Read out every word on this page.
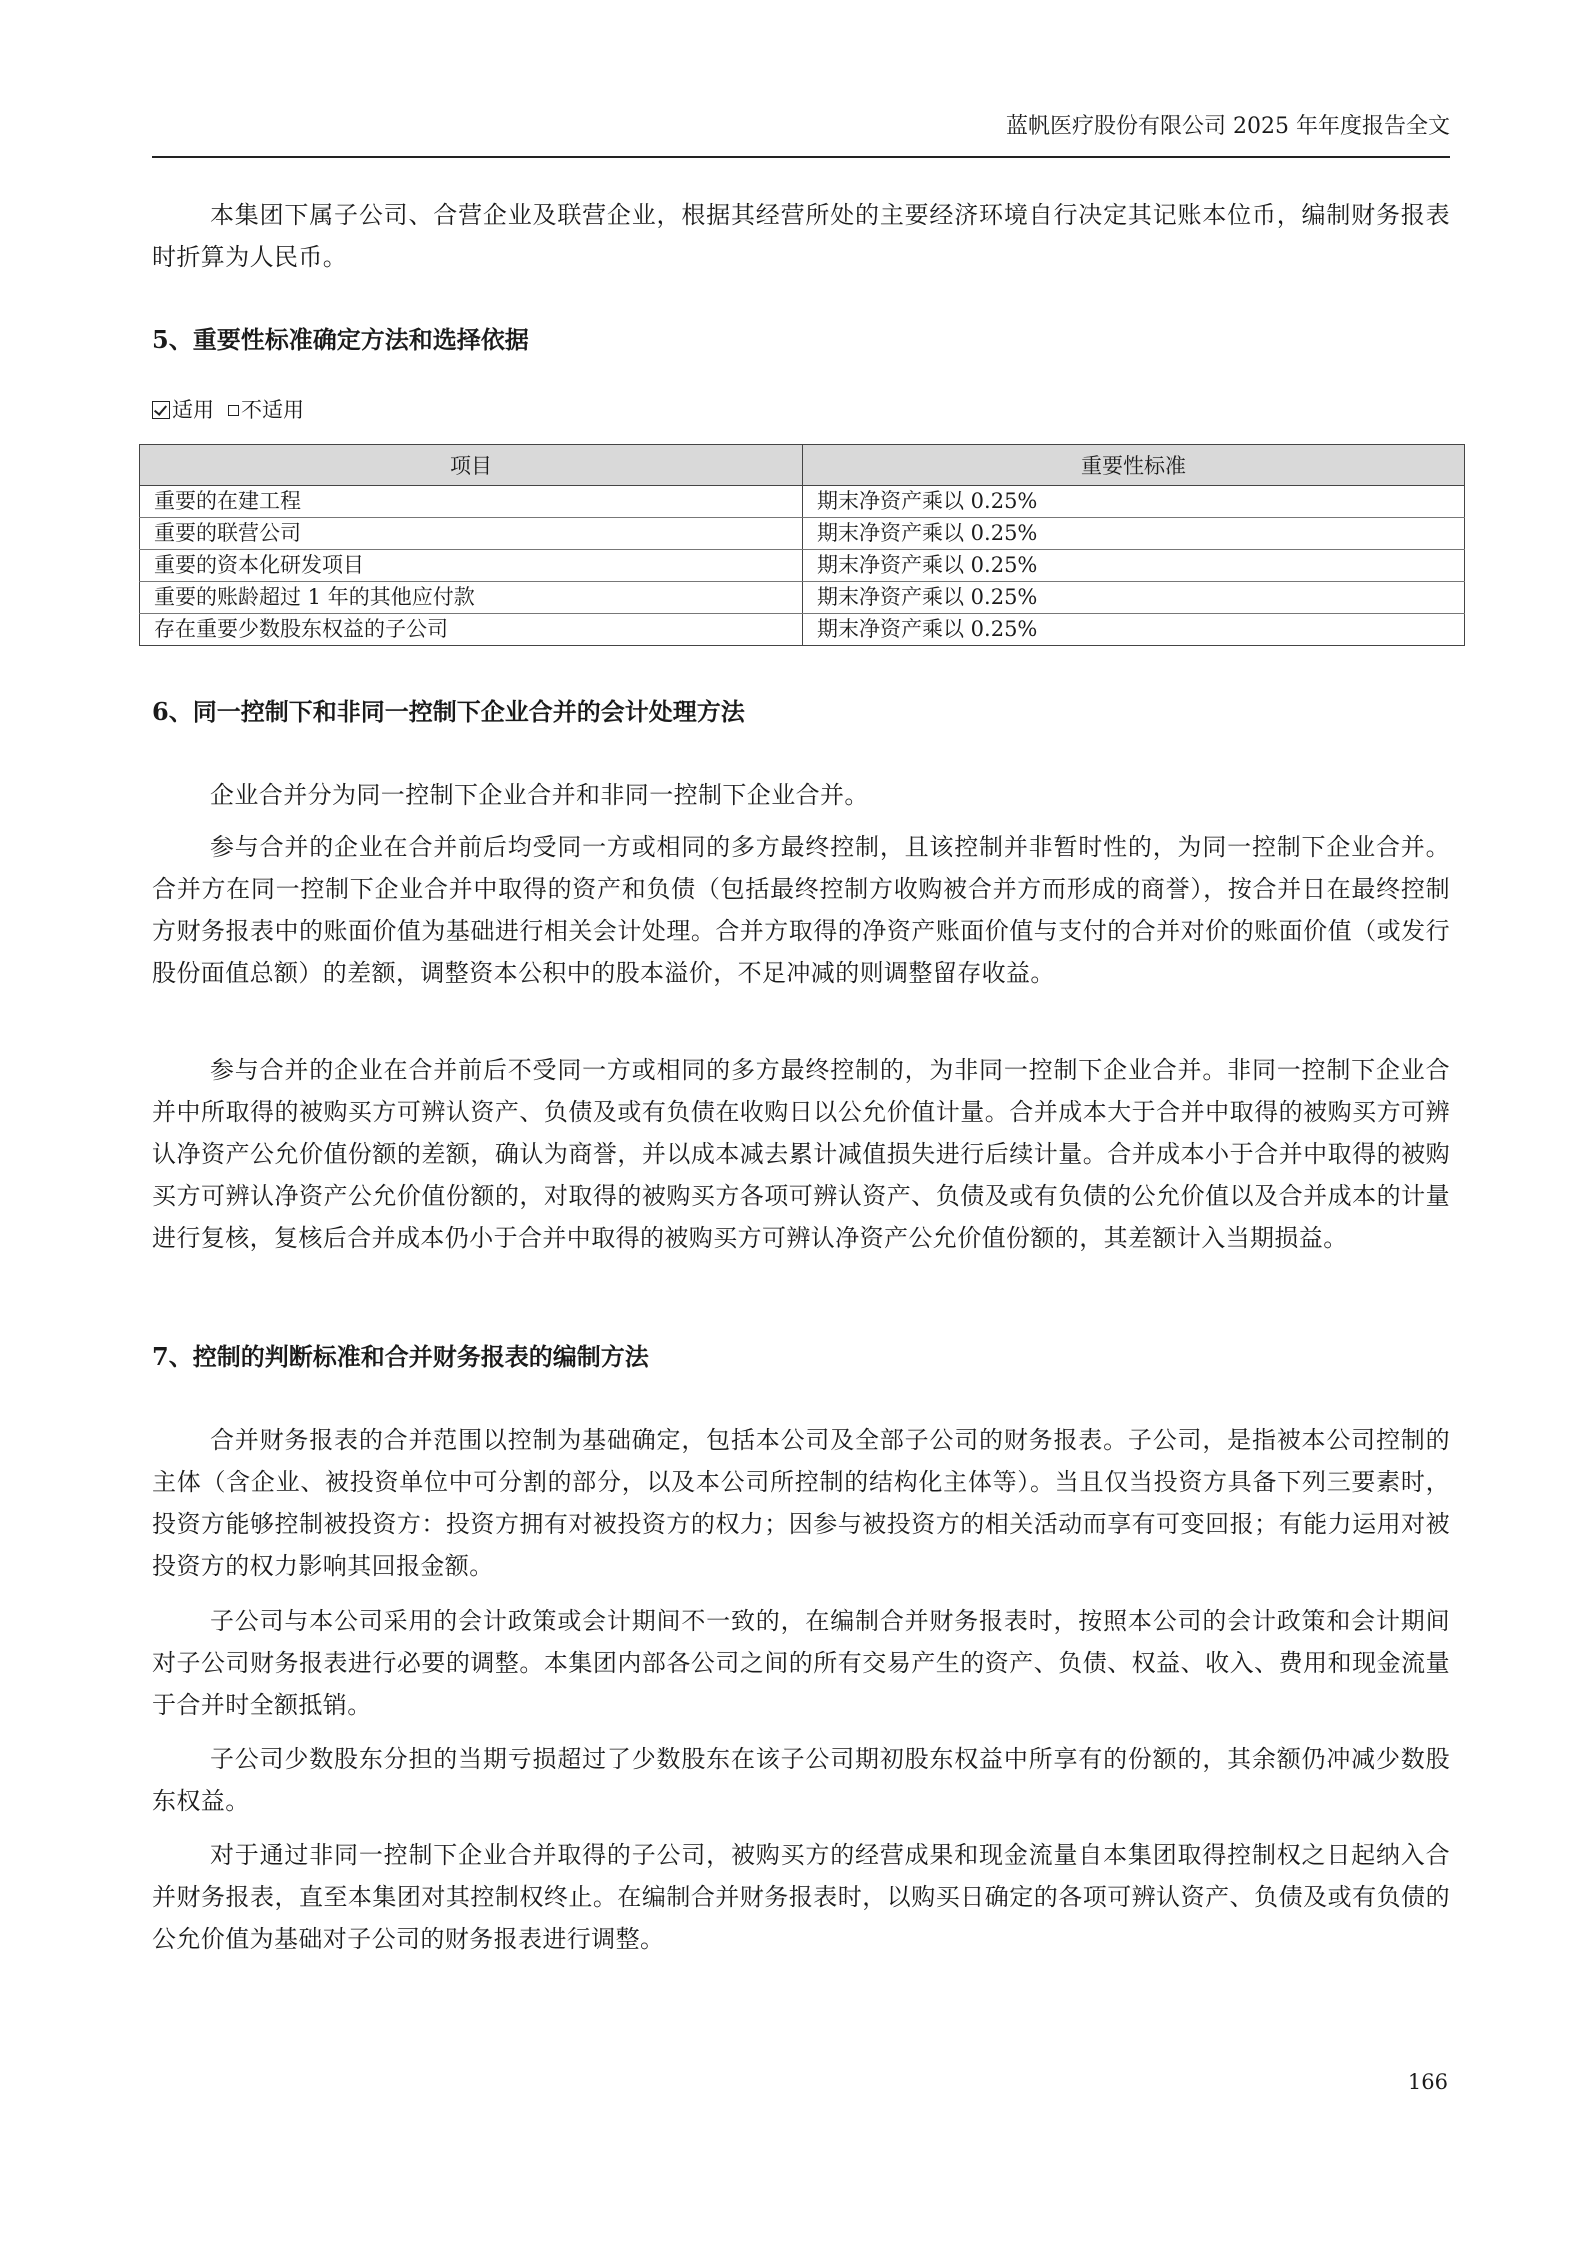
蓝帆医疗股份有限公司 2025 年年度报告全文

本集团下属子公司、合营企业及联营企业，根据其经营所处的主要经济环境自行决定其记账本位币，编制财务报表时折算为人民币。

5、重要性标准确定方法和选择依据
适用 不适用
项目	重要性标准
重要的在建工程	期末净资产乘以 0.25%
重要的联营公司	期末净资产乘以 0.25%
重要的资本化研发项目	期末净资产乘以 0.25%
重要的账龄超过 1 年的其他应付款	期末净资产乘以 0.25%
存在重要少数股东权益的子公司	期末净资产乘以 0.25%
6、同一控制下和非同一控制下企业合并的会计处理方法

企业合并分为同一控制下企业合并和非同一控制下企业合并。

参与合并的企业在合并前后均受同一方或相同的多方最终控制，且该控制并非暂时性的，为同一控制下企业合并。合并方在同一控制下企业合并中取得的资产和负债（包括最终控制方收购被合并方而形成的商誉），按合并日在最终控制方财务报表中的账面价值为基础进行相关会计处理。合并方取得的净资产账面价值与支付的合并对价的账面价值（或发行股份面值总额）的差额，调整资本公积中的股本溢价，不足冲减的则调整留存收益。

参与合并的企业在合并前后不受同一方或相同的多方最终控制的，为非同一控制下企业合并。非同一控制下企业合并中所取得的被购买方可辨认资产、负债及或有负债在收购日以公允价值计量。合并成本大于合并中取得的被购买方可辨认净资产公允价值份额的差额，确认为商誉，并以成本减去累计减值损失进行后续计量。合并成本小于合并中取得的被购买方可辨认净资产公允价值份额的，对取得的被购买方各项可辨认资产、负债及或有负债的公允价值以及合并成本的计量进行复核，复核后合并成本仍小于合并中取得的被购买方可辨认净资产公允价值份额的，其差额计入当期损益。

7、控制的判断标准和合并财务报表的编制方法

合并财务报表的合并范围以控制为基础确定，包括本公司及全部子公司的财务报表。子公司，是指被本公司控制的主体（含企业、被投资单位中可分割的部分，以及本公司所控制的结构化主体等）。当且仅当投资方具备下列三要素时，投资方能够控制被投资方：投资方拥有对被投资方的权力；因参与被投资方的相关活动而享有可变回报；有能力运用对被投资方的权力影响其回报金额。

子公司与本公司采用的会计政策或会计期间不一致的，在编制合并财务报表时，按照本公司的会计政策和会计期间对子公司财务报表进行必要的调整。本集团内部各公司之间的所有交易产生的资产、负债、权益、收入、费用和现金流量于合并时全额抵销。

子公司少数股东分担的当期亏损超过了少数股东在该子公司期初股东权益中所享有的份额的，其余额仍冲减少数股东权益。

对于通过非同一控制下企业合并取得的子公司，被购买方的经营成果和现金流量自本集团取得控制权之日起纳入合并财务报表，直至本集团对其控制权终止。在编制合并财务报表时，以购买日确定的各项可辨认资产、负债及或有负债的公允价值为基础对子公司的财务报表进行调整。

166
